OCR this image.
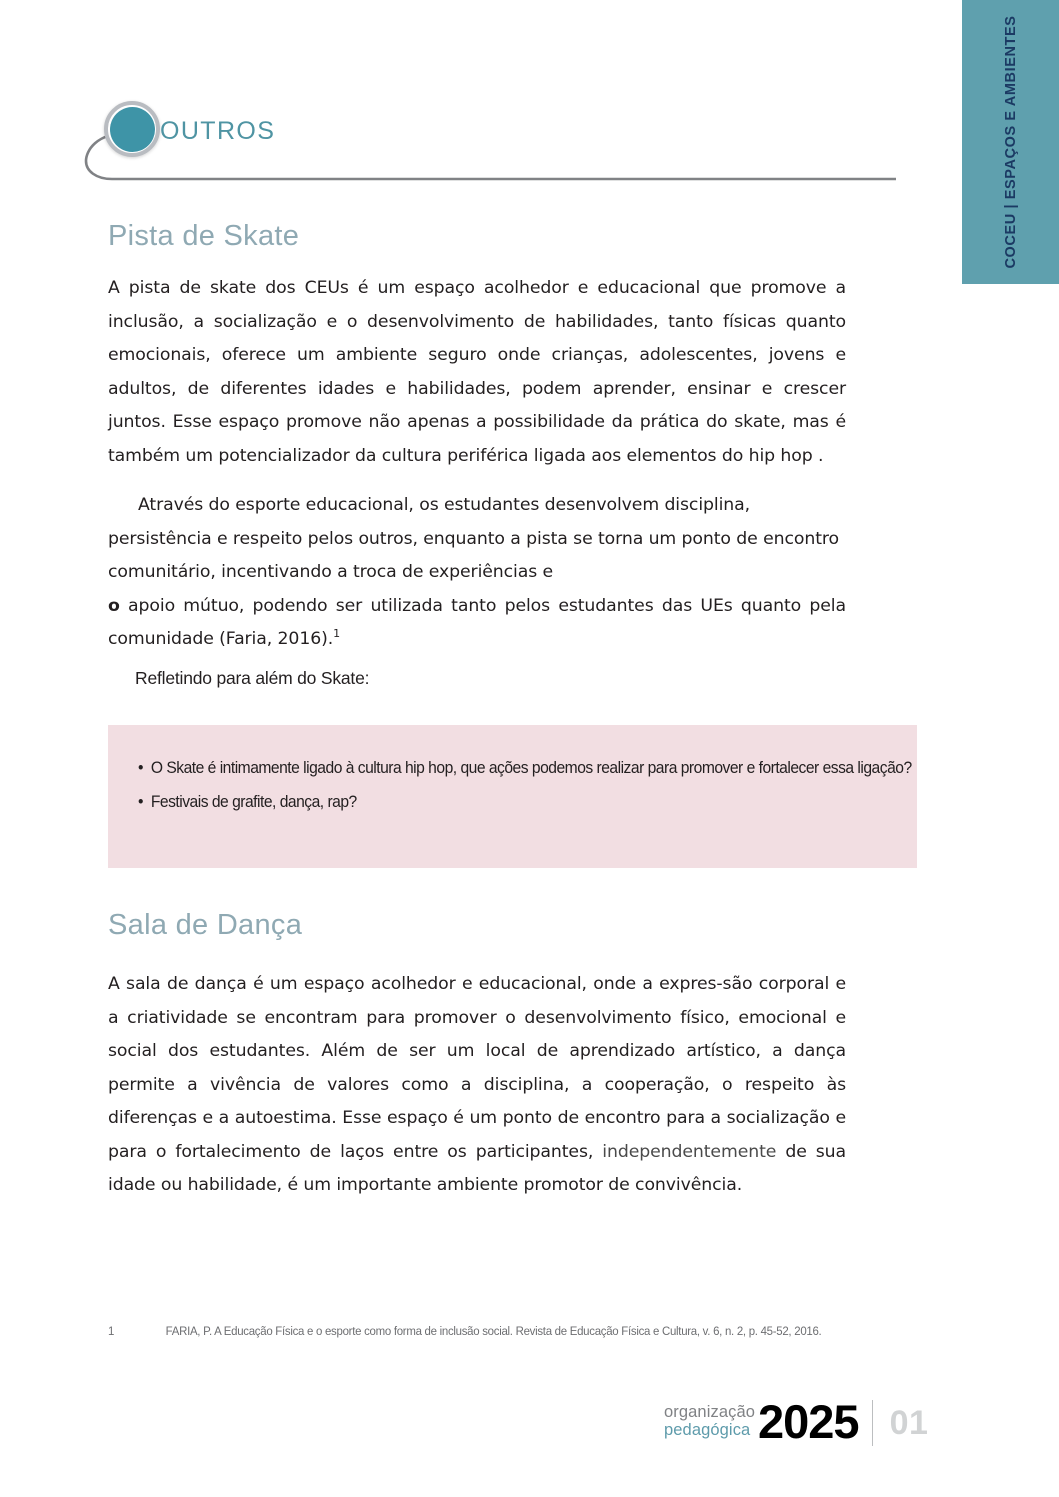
COCEU | ESPAÇOS E AMBIENTES
OUTROS
Pista de Skate

A pista de skate dos CEUs é um espaço acolhedor e educacional que promove a inclusão, a socialização e o desenvolvimento de habilidades, tanto físicas quanto emocionais, oferece um ambiente seguro onde crianças, adolescentes, jovens e adultos, de diferentes idades e habilidades, podem aprender, ensinar e crescer juntos. Esse espaço promove não apenas a possibilidade da prática do skate, mas é também um potencializador da cultura periférica ligada aos elementos do hip hop .

Através do esporte educacional, os estudantes desenvolvem disciplina, persistência e respeito pelos outros, enquanto a pista se torna um ponto de encontro comunitário, incentivando a troca de experiências e

o apoio mútuo, podendo ser utilizada tanto pelos estudantes das UEs quanto pela comunidade (Faria, 2016).$^1$

Refletindo para além do Skate:
• O Skate é intimamente ligado à cultura hip hop, que ações podemos realizar para promover e fortalecer essa ligação?
• Festivais de grafite, dança, rap?
Sala de Dança

A sala de dança é um espaço acolhedor e educacional, onde a expres-são corporal e a criatividade se encontram para promover o desenvolvimento físico, emocional e social dos estudantes. Além de ser um local de aprendizado artístico, a dança permite a vivência de valores como a disciplina, a cooperação, o respeito às diferenças e a autoestima. Esse espaço é um ponto de encontro para a socialização e para o fortalecimento de laços entre os participantes, independentemente de sua idade ou habilidade, é um importante ambiente promotor de convivência.

1	FARIA, P. A Educação Física e o esporte como forma de inclusão social. Revista de Educação Física e Cultura, v. 6, n. 2, p. 45-52, 2016.
organização
pedagógica 2025 01
